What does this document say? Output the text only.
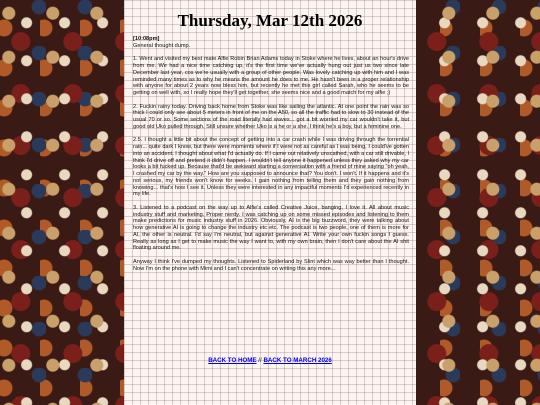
Thursday, Mar 12th 2026

[10:08pm]
General thought dump.

1. Went and visited my best mate Alfie Robin Brian Adams today in Stoke where he lives, about an hour's drive from me. We had a nice time catching up, it's the first time we've actually hung out just us two since late December last year, cos we're usually with a group of other people. Was lovely catching up with him and I was reminded many times as to why he means the amount he does to me. He hasn't been in a proper relationship with anyone for about 2 years now bless him, but recently he met this girl called Sarah, who he seems to be getting on well with, so I really hope they'll get together, she seems nice and a good match for my alfie ;)

2. Fuckin rainy today. Driving back home from Stoke was like sailing the atlantic. At one point the rain was so thick I could only see about 5 meters in front of me on the A50, so all the traffic had to slow to 30 instead of the usual 70 or so. Some sections of the road literally had waves... got a bit worried my car wouldn't take it, but good old Uko pulled through. Still unsure whether Uko is a he or a she. I think he's a boy, but a feminine one.

2.5. I thought a little bit about the concept of getting into a car crash while I was driving through the torrential rain... quite dark I know, but there were moments where if I were not as careful as I was being, I could've gotten into an accident. I thought about what I'd actually do. If I came out relatively unscathed, with a car still drivable, I think I'd drive off and pretend it didn't happen. I wouldn't tell anyone it happened unless they asked why my car looks a bit fucked up. Because that'd be awkward starting a conversation with a friend of mine saying "oh yeah, I crashed my car by the way." How are you supposed to announce that? You don't. I won't. If it happens and it's not serious, my friends won't know for weeks. I gain nothing from telling them and they gain nothing from knowing... that's how I see it. Unless they were interested in any impactful moments I'd experienced recently in my life.

3. Listened to a podcast on the way up to Alfie's called Creative Juice, banging, I love it. All about music industry stuff and marketing. Proper nerdy. I was catching up on some missed episodes and listening to them make predictions for music industry stuff in 2026. Obviously, AI is the big buzzword, they were talking about how generative AI is going to change the industry etc etc. The podcast is two people, one of them is more for AI, the other is neutral. I'd say I'm neutral, but against generative AI. Write your own fuckin songs I guess. Really as long as I get to make music the way I want to, with my own brain, then I don't care about the AI shit floating around me.

Anyway I think I've dumped my thoughts. Listened to Spiderland by Slint which was way better than I thought. Now I'm on the phone with Mimi and I can't concentrate on writing this any more...

BACK TO HOME // BACK TO MARCH 2026
